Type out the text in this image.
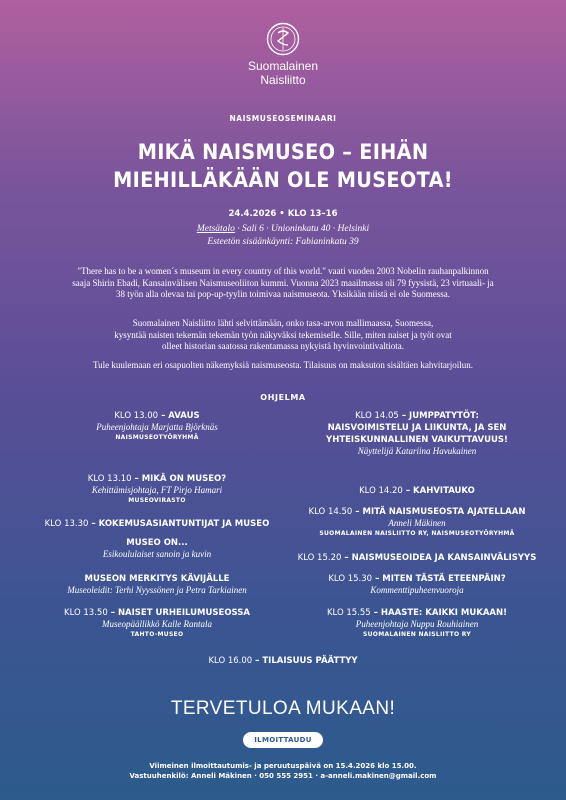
Suomalainen
Naisliitto
NAISMUSEOSEMINAARI
MIKÄ NAISMUSEO – EIHÄN
MIEHILLÄKÄÄN OLE MUSEOTA!
24.4.2026 • KLO 13–16
Metsätalo · Sali 6 · Unioninkatu 40 · Helsinki
Esteetön sisäänkäynti: Fabianinkatu 39
"There has to be a women´s museum in every country of this world." vaati vuoden 2003 Nobelin rauhanpalkinnon
saaja Shirin Ebadi, Kansainvälisen Naismuseoliiton kummi. Vuonna 2023 maailmassa oli 79 fyysistä, 23 virtuaali- ja
38 työn alla olevaa tai pop-up-tyylin toimivaa naismuseota. Yksikään niistä ei ole Suomessa.
Suomalainen Naisliitto lähti selvittämään, onko tasa-arvon mallimaassa, Suomessa,
kysyntää naisten tekemän tekemän työn näkyväksi tekemiselle. Sille, miten naiset ja työt ovat
olleet historian saatossa rakentamassa nykyistä hyvinvointivaltiota.
Tule kuulemaan eri osapuolten näkemyksiä naismuseosta. Tilaisuus on maksuton sisältäen kahvitarjoilun.
OHJELMA
KLO 13.00 – AVAUS
Puheenjohtaja Marjatta Björknäs
NAISMUSEOTYÖRYHMÄ
KLO 13.10 – MIKÄ ON MUSEO?
Kehittämisjohtaja, FT Pirjo Hamari
MUSEOVIRASTO
KLO 13.30 – KOKEMUSASIANTUNTIJAT JA MUSEO
MUSEO ON...
Esikoululaiset sanoin ja kuvin
MUSEON MERKITYS KÄVIJÄLLE
Museoleidit: Terhi Nyyssönen ja Petra Tarkiainen
KLO 13.50 – NAISET URHEILUMUSEOSSA
Museopäällikkö Kalle Rantala
TAHTO-MUSEO
KLO 14.05 – JUMPPATYTÖT:
NAISVOIMISTELU JA LIIKUNTA, JA SEN
YHTEISKUNNALLINEN VAIKUTTAVUUS!
Näyttelijä Katariina Havukainen
KLO 14.20 – KAHVITAUKO
KLO 14.50 – MITÄ NAISMUSEOSTA AJATELLAAN
Anneli Mäkinen
SUOMALAINEN NAISLIITTO RY, NAISMUSEOTYÖRYHMÄ
KLO 15.20 – NAISMUSEOIDEA JA KANSAINVÄLISYYS
KLO 15.30 – MITEN TÄSTÄ ETEENPÄIN?
Kommenttipuheenvuoroja
KLO 15.55 – HAASTE: KAIKKI MUKAAN!
Puheenjohtaja Nuppu Rouhiainen
SUOMALAINEN NAISLIITTO RY
KLO 16.00 – TILAISUUS PÄÄTTYY
TERVETULOA MUKAAN!
ILMOITTAUDU
Viimeinen ilmoittautumis- ja peruutuspäivä on 15.4.2026 klo 15.00.
Vastuuhenkilö: Anneli Mäkinen · 050 555 2951 · a-anneli.makinen@gmail.com
